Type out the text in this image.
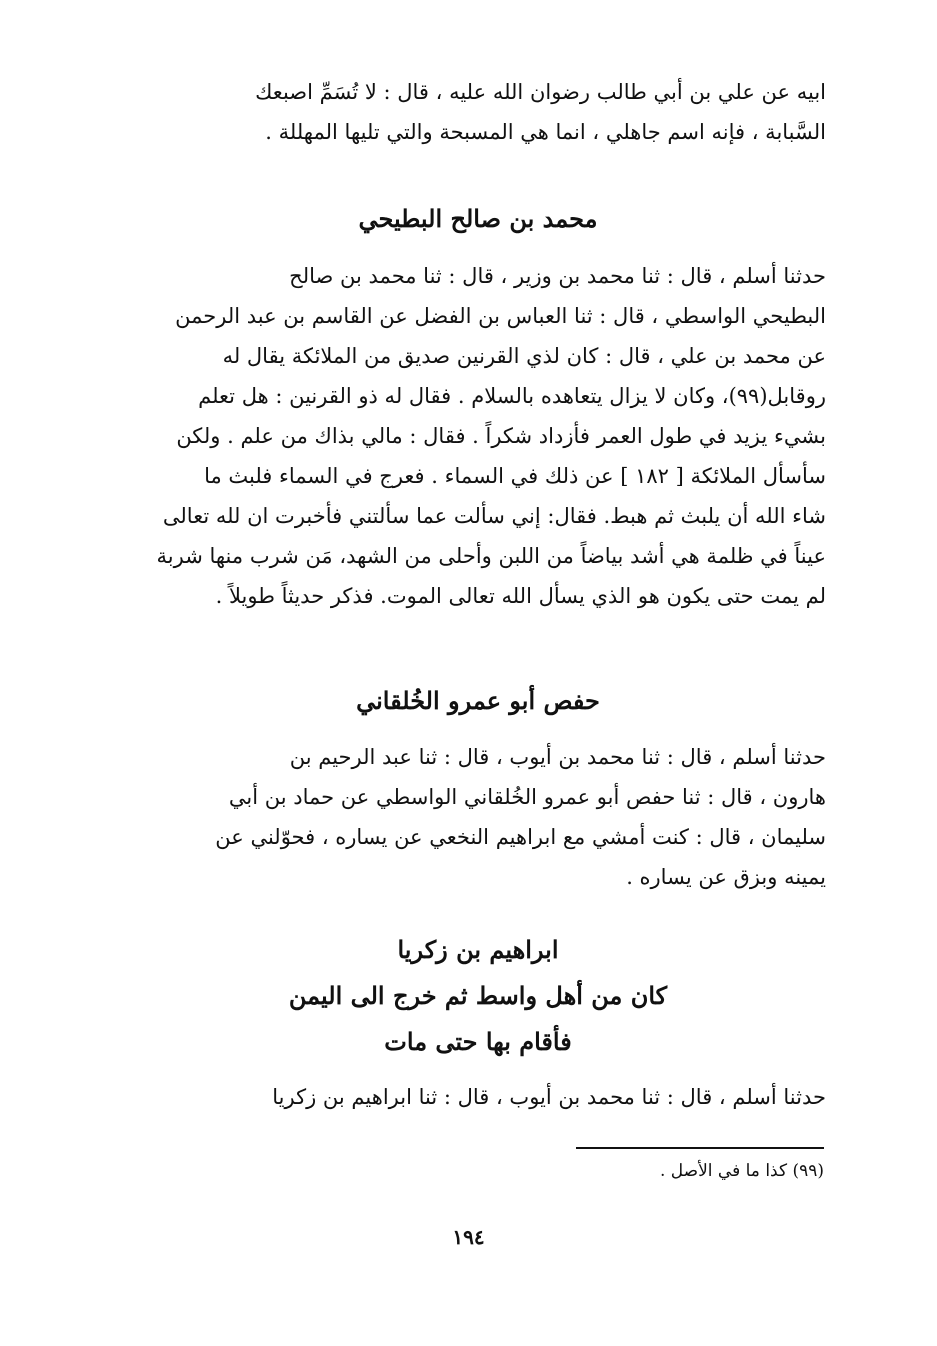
ابيه عن علي بن أبي طالب رضوان الله عليه ، قال : لا تُسَمِّ اصبعك
السَّبابة ، فإنه اسم جاهلي ، انما هي المسبحة والتي تليها المهللة .
محمد بن صالح البطيحي
حدثنا أسلم ، قال : ثنا محمد بن وزير ، قال : ثنا محمد بن صالح
البطيحي الواسطي ، قال : ثنا العباس بن الفضل عن القاسم بن عبد الرحمن
عن محمد بن علي ، قال : كان لذي القرنين صديق من الملائكة يقال له
روقابل(٩٩)، وكان لا يزال يتعاهده بالسلام . فقال له ذو القرنين : هل تعلم
بشيء يزيد في طول العمر فأزداد شكراً . فقال : مالي بذاك من علم . ولكن
سأسأل الملائكة [ ١٨٢ ] عن ذلك في السماء . فعرج في السماء فلبث ما
شاء الله أن يلبث ثم هبط. فقال: إني سألت عما سألتني فأخبرت ان لله تعالى
عيناً في ظلمة هي أشد بياضاً من اللبن وأحلى من الشهد، مَن شرب منها شربة
لم يمت حتى يكون هو الذي يسأل الله تعالى الموت. فذكر حديثاً طويلاً .
حفص أبو عمرو الخُلقاني
حدثنا أسلم ، قال : ثنا محمد بن أيوب ، قال : ثنا عبد الرحيم بن
هارون ، قال : ثنا حفص أبو عمرو الخُلقاني الواسطي عن حماد بن أبي
سليمان ، قال : كنت أمشي مع ابراهيم النخعي عن يساره ، فحوّلني عن
يمينه وبزق عن يساره .
ابراهيم بن زكريا
كان من أهل واسط ثم خرج الى اليمن
فأقام بها حتى مات
حدثنا أسلم ، قال : ثنا محمد بن أيوب ، قال : ثنا ابراهيم بن زكريا

(٩٩) كذا ما في الأصل .

١٩٤
